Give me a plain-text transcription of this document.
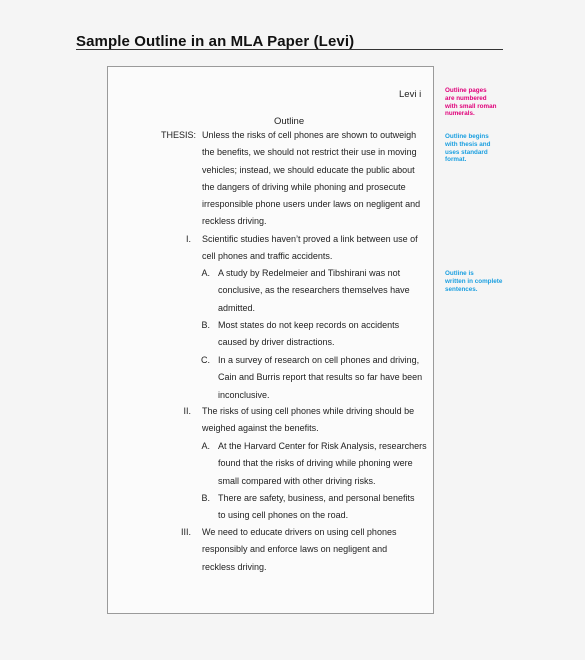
Sample Outline in an MLA Paper (Levi)
Levi i
Outline
THESIS: Unless the risks of cell phones are shown to outweigh
the benefits, we should not restrict their use in moving
vehicles; instead, we should educate the public about
the dangers of driving while phoning and prosecute
irresponsible phone users under laws on negligent and
reckless driving.
I. Scientific studies haven’t proved a link between use of
cell phones and traffic accidents.
A. A study by Redelmeier and Tibshirani was not
conclusive, as the researchers themselves have
admitted.
B. Most states do not keep records on accidents
caused by driver distractions.
C. In a survey of research on cell phones and driving,
Cain and Burris report that results so far have been
inconclusive.
II. The risks of using cell phones while driving should be
weighed against the benefits.
A. At the Harvard Center for Risk Analysis, researchers
found that the risks of driving while phoning were
small compared with other driving risks.
B. There are safety, business, and personal benefits
to using cell phones on the road.
III. We need to educate drivers on using cell phones
responsibly and enforce laws on negligent and
reckless driving.
Outline pages
are numbered
with small roman
numerals.
Outline begins
with thesis and
uses standard
format.
Outline is
written in complete
sentences.
